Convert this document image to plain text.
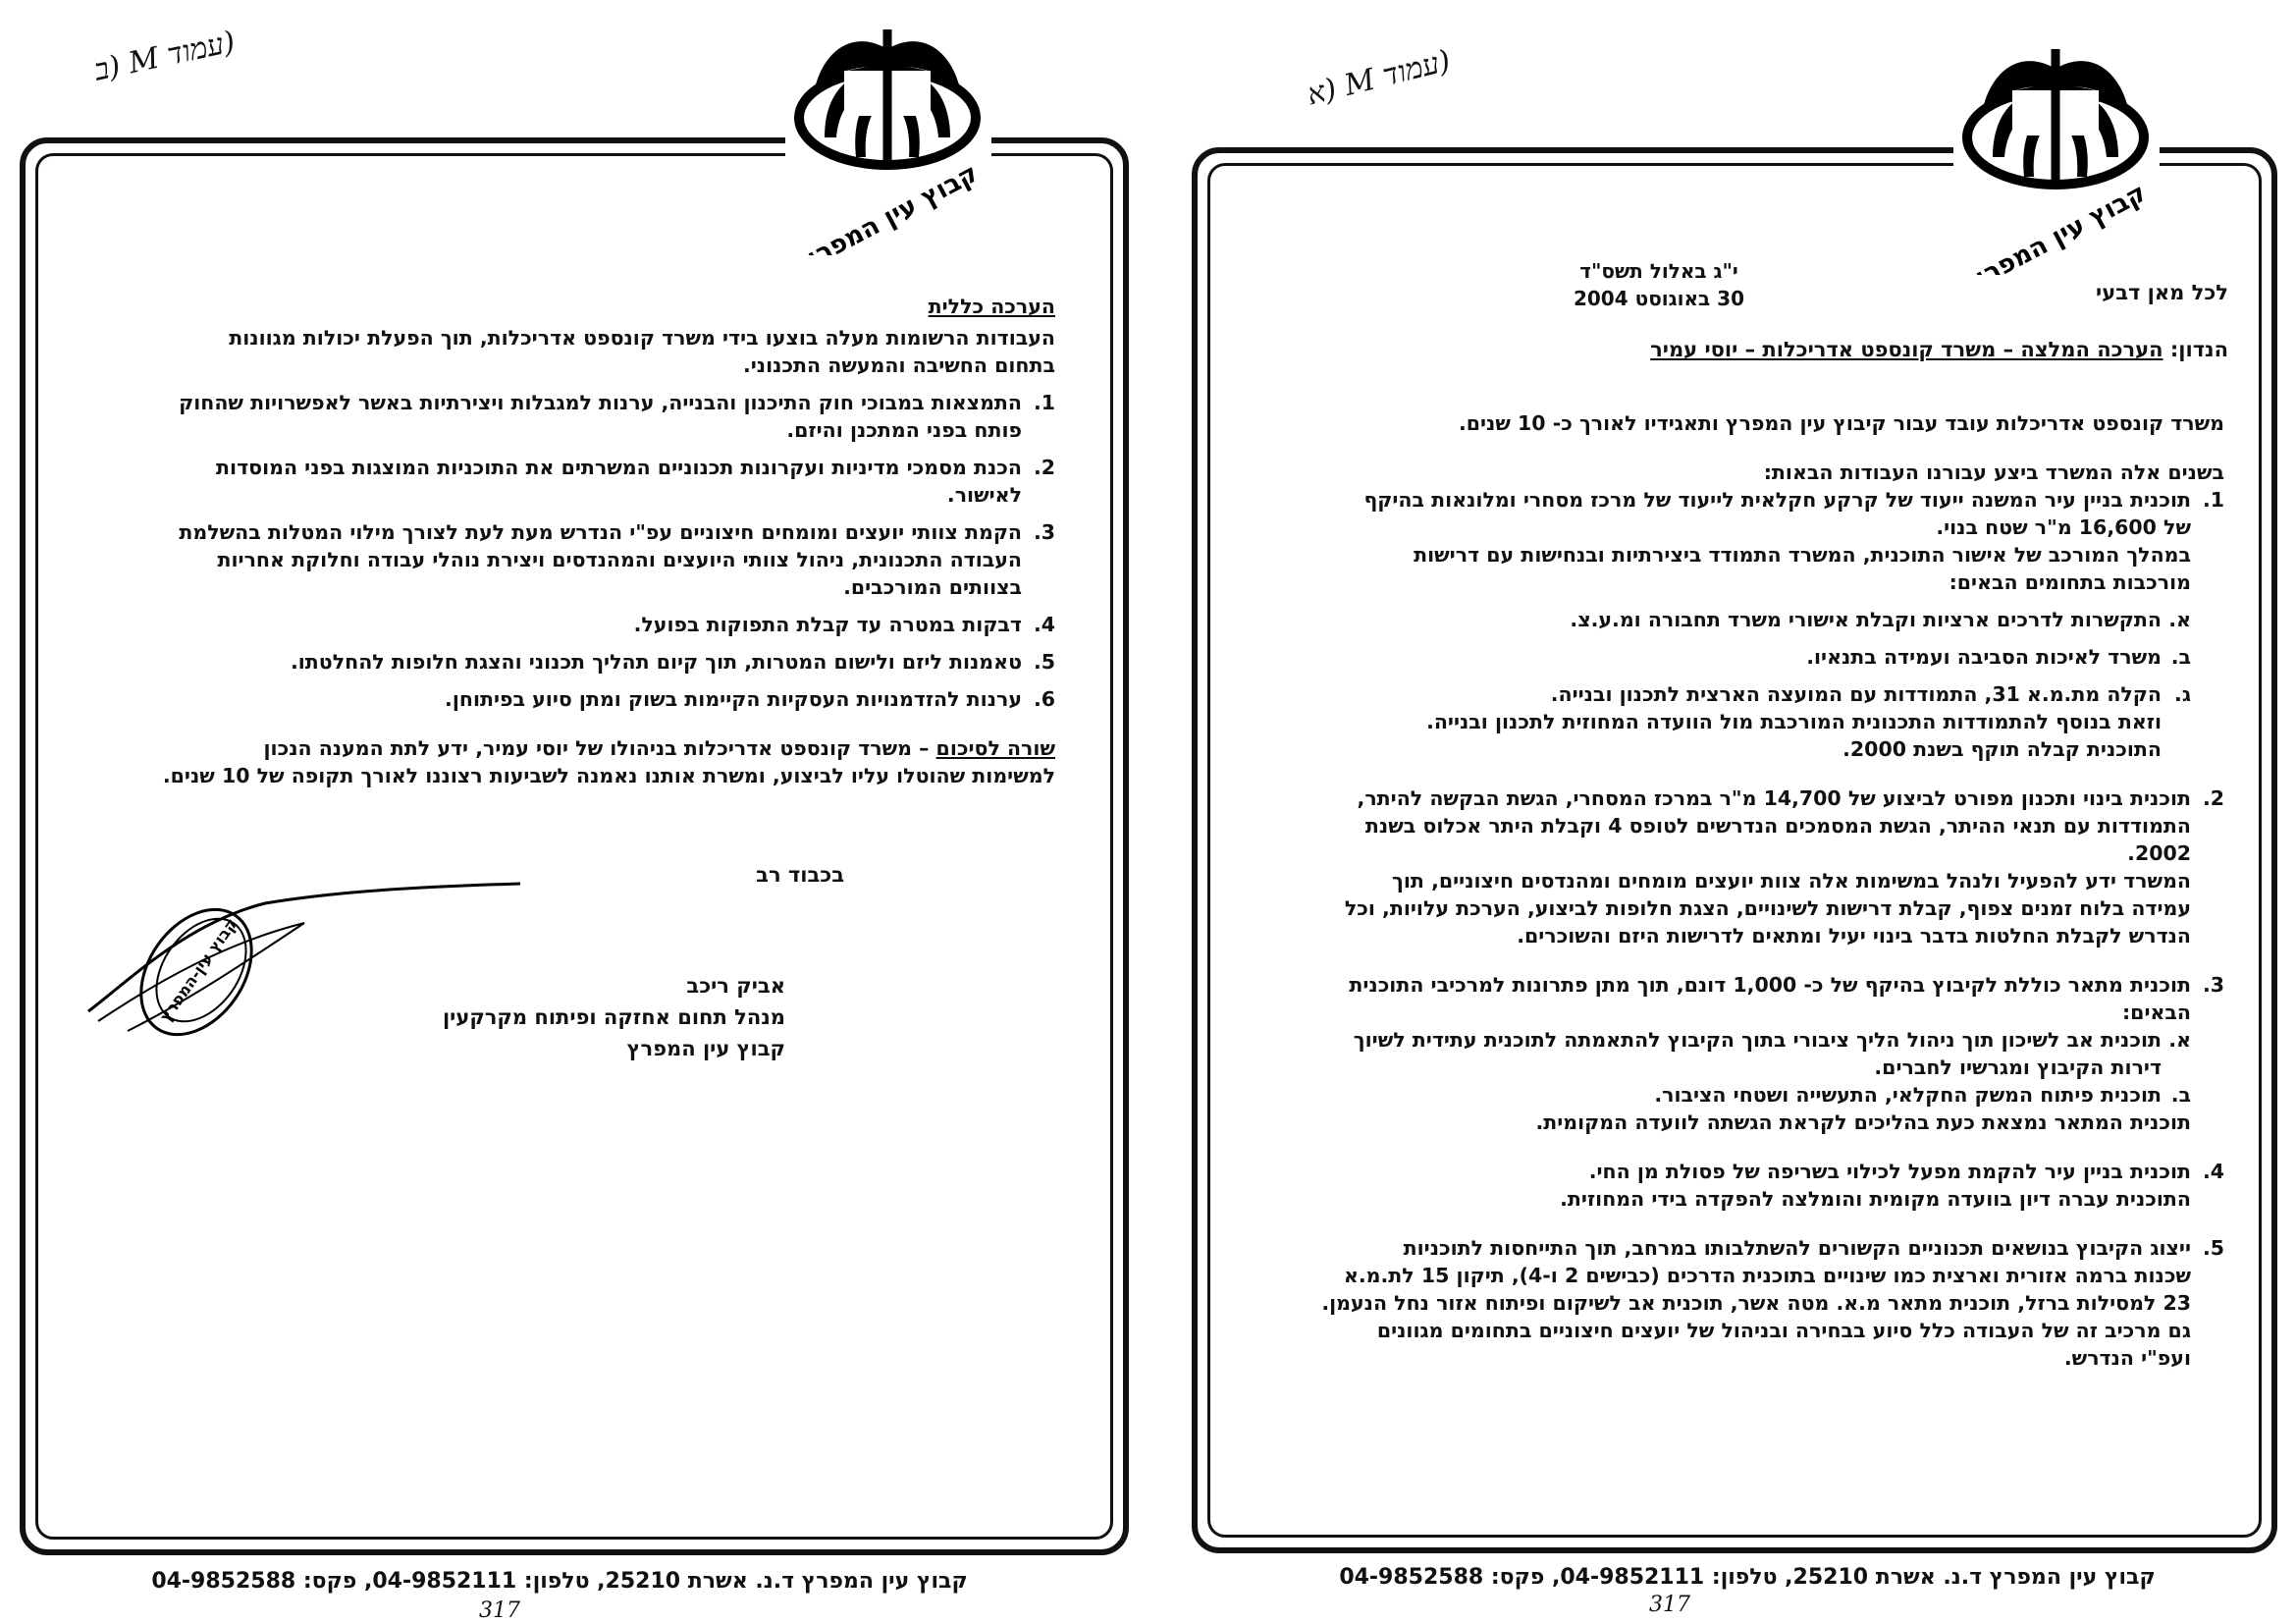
(עמוד M (ב
קבוץ עין המפרץ
הערכה כללית
העבודות הרשומות מעלה בוצעו בידי משרד קונספט אדריכלות, תוך הפעלת יכולות מגוונות
בתחום החשיבה והמעשה התכנוני.
1.
התמצאות במבוכי חוק התיכנון והבנייה, ערנות למגבלות ויצירתיות באשר לאפשרויות שהחוק
פותח בפני המתכנן והיזם.
2.
הכנת מסמכי מדיניות ועקרונות תכנוניים המשרתים את התוכניות המוצגות בפני המוסדות
לאישור.
3.
הקמת צוותי יועצים ומומחים חיצוניים עפ"י הנדרש מעת לעת לצורך מילוי המטלות בהשלמת
העבודה התכנונית, ניהול צוותי היועצים והמהנדסים ויצירת נוהלי עבודה וחלוקת אחריות
בצוותים המורכבים.
4.
דבקות במטרה עד קבלת התפוקות בפועל.
5.
טאמנות ליזם ולישום המטרות, תוך קיום תהליך תכנוני והצגת חלופות להחלטתו.
6.
ערנות להזדמנויות העסקיות הקיימות בשוק ומתן סיוע בפיתוחן.
שורה לסיכום – משרד קונספט אדריכלות בניהולו של יוסי עמיר, ידע לתת המענה הנכון
למשימות שהוטלו עליו לביצוע, ומשרת אותנו נאמנה לשביעות רצוננו לאורך תקופה של 10 שנים.
בכבוד רב
קבוץ עין-המפרץ	אביק ריכב
מנהל תחום אחזקה ופיתוח מקרקעין
קבוץ עין המפרץ
קבוץ עין המפרץ ד.נ. אשרת 25210, טלפון: 04-9852111, פקס: 04-9852588
317
(עמוד M (א
קבוץ עין המפרץ
י"ג באלול תשס"ד
30 באוגוסט 2004	לכל מאן דבעי
הנדון: הערכה המלצה – משרד קונספט אדריכלות – יוסי עמיר
משרד קונספט אדריכלות עובד עבור קיבוץ עין המפרץ ותאגידיו לאורך כ- 10 שנים.
בשנים אלה המשרד ביצע עבורנו העבודות הבאות:
1.
תוכנית בניין עיר המשנה ייעוד של קרקע חקלאית לייעוד של מרכז מסחרי ומלונאות בהיקף
של 16,600 מ"ר שטח בנוי.
במהלך המורכב של אישור התוכנית, המשרד התמודד ביצירתיות ובנחישות עם דרישות
מורכבות בתחומים הבאים:
א.
התקשרות לדרכים ארציות וקבלת אישורי משרד תחבורה ומ.ע.צ.
ב.
משרד לאיכות הסביבה ועמידה בתנאיו.
ג.
הקלה מת.מ.א 31, התמודדות עם המועצה הארצית לתכנון ובנייה.
וזאת בנוסף להתמודדות התכנונית המורכבת מול הוועדה המחוזית לתכנון ובנייה.
התוכנית קבלה תוקף בשנת 2000.
2.
תוכנית בינוי ותכנון מפורט לביצוע של 14,700 מ"ר במרכז המסחרי, הגשת הבקשה להיתר,
התמודדות עם תנאי ההיתר, הגשת המסמכים הנדרשים לטופס 4 וקבלת היתר אכלוס בשנת
2002.
המשרד ידע להפעיל ולנהל במשימות אלה צוות יועצים מומחים ומהנדסים חיצוניים, תוך
עמידה בלוח זמנים צפוף, קבלת דרישות לשינויים, הצגת חלופות לביצוע, הערכת עלויות, וכל
הנדרש לקבלת החלטות בדבר בינוי יעיל ומתאים לדרישות היזם והשוכרים.
3.
תוכנית מתאר כוללת לקיבוץ בהיקף של כ- 1,000 דונם, תוך מתן פתרונות למרכיבי התוכנית
הבאים:
א.
תוכנית אב לשיכון תוך ניהול הליך ציבורי בתוך הקיבוץ להתאמתה לתוכנית עתידית לשיוך
דירות הקיבוץ ומגרשיו לחברים.
ב.
תוכנית פיתוח המשק החקלאי, התעשייה ושטחי הציבור.
תוכנית המתאר נמצאת כעת בהליכים לקראת הגשתה לוועדה המקומית.
4.
תוכנית בניין עיר להקמת מפעל לכילוי בשריפה של פסולת מן החי.
התוכנית עברה דיון בוועדה מקומית והומלצה להפקדה בידי המחוזית.
5.
ייצוג הקיבוץ בנושאים תכנוניים הקשורים להשתלבותו במרחב, תוך התייחסות לתוכניות
שכנות ברמה אזורית וארצית כמו שינויים בתוכנית הדרכים (כבישים 2 ו-4), תיקון 15 לת.מ.א
23 למסילות ברזל, תוכנית מתאר מ.א. מטה אשר, תוכנית אב לשיקום ופיתוח אזור נחל הנעמן.
גם מרכיב זה של העבודה כלל סיוע בבחירה ובניהול של יועצים חיצוניים בתחומים מגוונים
ועפ"י הנדרש.
קבוץ עין המפרץ ד.נ. אשרת 25210, טלפון: 04-9852111, פקס: 04-9852588
317
